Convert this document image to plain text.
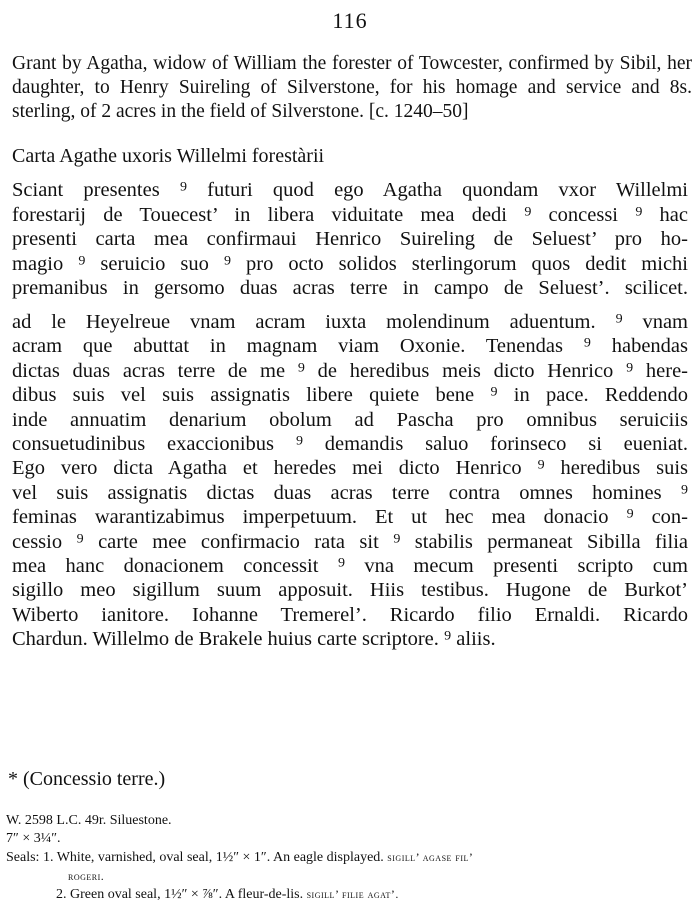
116
Grant by Agatha, widow of William the forester of Towcester, confirmed by Sibil, her daughter, to Henry Suireling of Silverstone, for his homage and service and 8s. sterling, of 2 acres in the field of Silverstone. [c. 1240–50]
Carta Agathe uxoris Willelmi forestàrii
Sciant presentes ⁹ futuri quod ego Agatha quondam vxor Willelmi
forestarij de Touecest’ in libera viduitate mea dedi ⁹ concessi ⁹ hac
presenti carta mea confirmaui Henrico Suireling de Seluest’ pro ho-
magio ⁹ seruicio suo ⁹ pro octo solidos sterlingorum quos dedit michi
premanibus in gersomo duas acras terre in campo de Seluest’. scilicet.
ad le Heyelreue vnam acram iuxta molendinum aduentum. ⁹ vnam
acram que abuttat in magnam viam Oxonie. Tenendas ⁹ habendas
dictas duas acras terre de me ⁹ de heredibus meis dicto Henrico ⁹ here-
dibus suis vel suis assignatis libere quiete bene ⁹ in pace. Reddendo
inde annuatim denarium obolum ad Pascha pro omnibus seruiciis
consuetudinibus exaccionibus ⁹ demandis saluo forinseco si eueniat.
Ego vero dicta Agatha et heredes mei dicto Henrico ⁹ heredibus suis
vel suis assignatis dictas duas acras terre contra omnes homines ⁹
feminas warantizabimus imperpetuum. Et ut hec mea donacio ⁹ con-
cessio ⁹ carte mee confirmacio rata sit ⁹ stabilis permaneat Sibilla filia
mea hanc donacionem concessit ⁹ vna mecum presenti scripto cum
sigillo meo sigillum suum apposuit. Hiis testibus. Hugone de Burkot’
Wiberto ianitore. Iohanne Tremerel’. Ricardo filio Ernaldi. Ricardo
Chardun. Willelmo de Brakele huius carte scriptore. ⁹ aliis.
* (Concessio terre.)
W. 2598 L.C. 49r. Siluestone.
7″ × 3¼″.
Seals: 1. White, varnished, oval seal, 1½″ × 1″. An eagle displayed. sigill’ agase fil’
rogeri.
2. Green oval seal, 1½″ × ⅞″. A fleur-de-lis. sigill’ filie agat’.
